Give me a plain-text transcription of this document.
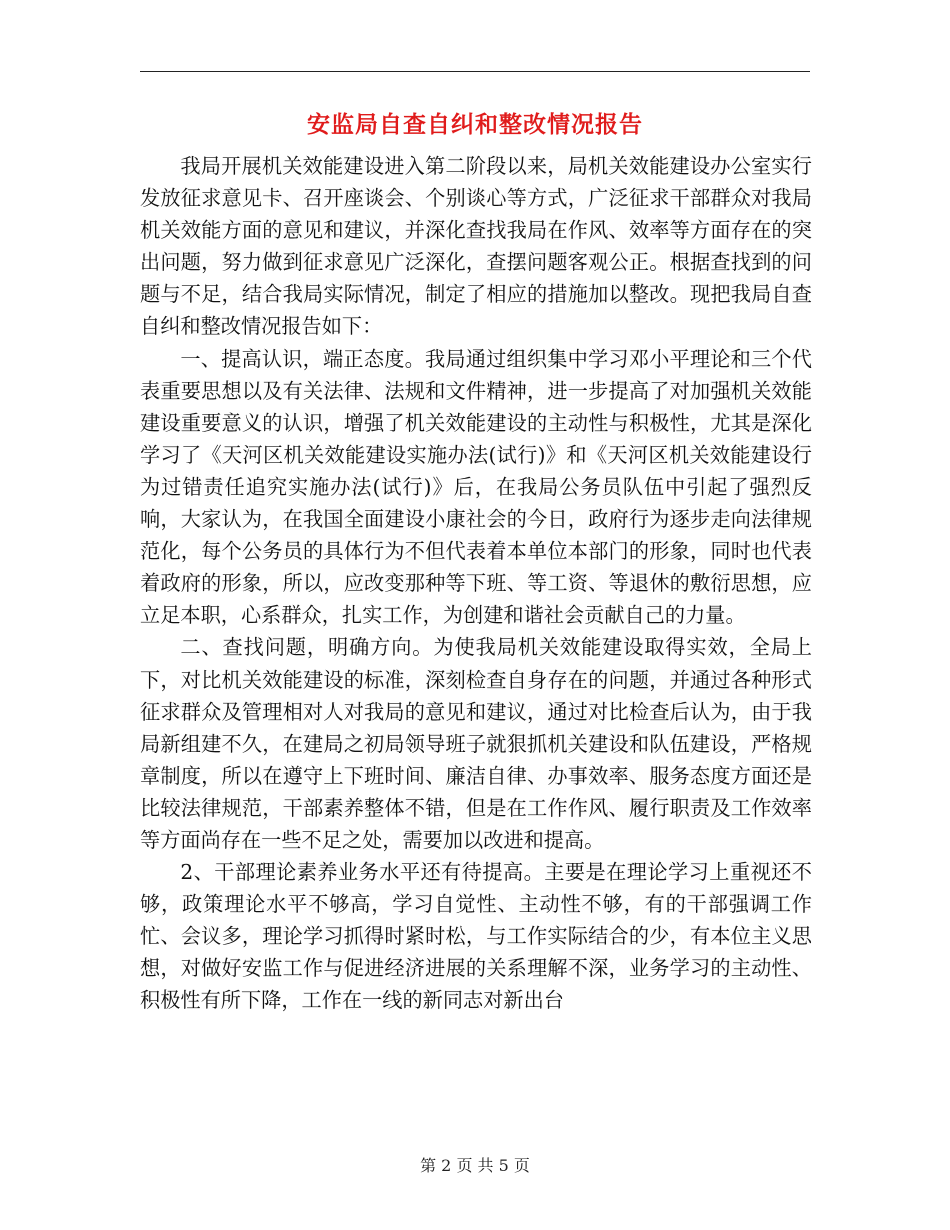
安监局自查自纠和整改情况报告

我局开展机关效能建设进入第二阶段以来，局机关效能建设办公室实行发放征求意见卡、召开座谈会、个别谈心等方式，广泛征求干部群众对我局机关效能方面的意见和建议，并深化查找我局在作风、效率等方面存在的突出问题，努力做到征求意见广泛深化，查摆问题客观公正。根据查找到的问题与不足，结合我局实际情况，制定了相应的措施加以整改。现把我局自查自纠和整改情况报告如下：

一、提高认识，端正态度。我局通过组织集中学习邓小平理论和三个代表重要思想以及有关法律、法规和文件精神，进一步提高了对加强机关效能建设重要意义的认识，增强了机关效能建设的主动性与积极性，尤其是深化学习了《天河区机关效能建设实施办法(试行)》和《天河区机关效能建设行为过错责任追究实施办法(试行)》后，在我局公务员队伍中引起了强烈反响，大家认为，在我国全面建设小康社会的今日，政府行为逐步走向法律规范化，每个公务员的具体行为不但代表着本单位本部门的形象，同时也代表着政府的形象，所以，应改变那种等下班、等工资、等退休的敷衍思想，应立足本职，心系群众，扎实工作，为创建和谐社会贡献自己的力量。

二、查找问题，明确方向。为使我局机关效能建设取得实效，全局上下，对比机关效能建设的标准，深刻检查自身存在的问题，并通过各种形式征求群众及管理相对人对我局的意见和建议，通过对比检查后认为，由于我局新组建不久，在建局之初局领导班子就狠抓机关建设和队伍建设，严格规章制度，所以在遵守上下班时间、廉洁自律、办事效率、服务态度方面还是比较法律规范，干部素养整体不错，但是在工作作风、履行职责及工作效率等方面尚存在一些不足之处，需要加以改进和提高。

2、干部理论素养业务水平还有待提高。主要是在理论学习上重视还不够，政策理论水平不够高，学习自觉性、主动性不够，有的干部强调工作忙、会议多，理论学习抓得时紧时松，与工作实际结合的少，有本位主义思想，对做好安监工作与促进经济进展的关系理解不深，业务学习的主动性、积极性有所下降，工作在一线的新同志对新出台

第 2 页 共 5 页
